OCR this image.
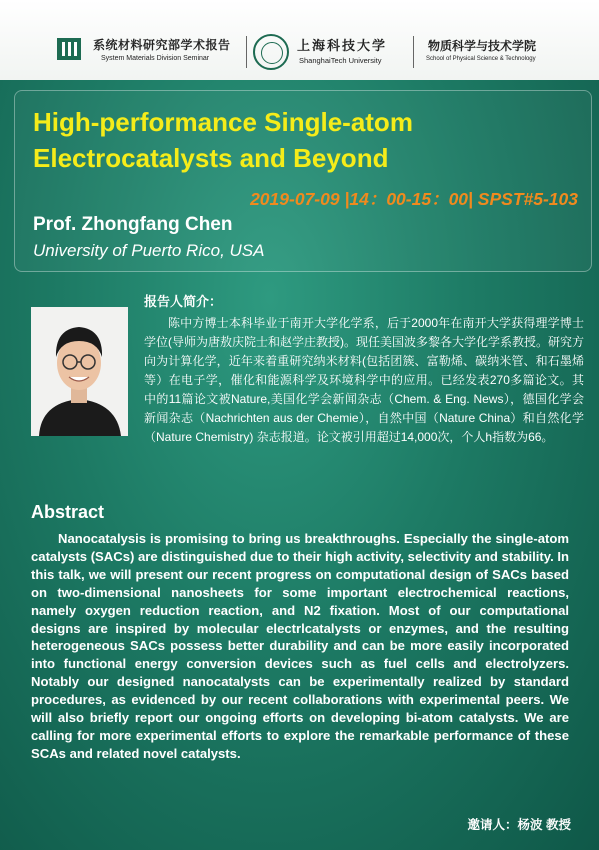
系统材料研究部学术报告
System Materials Division Seminar
上海科技大学
ShanghaiTech University
物质科学与技术学院
School of Physical Science & Technology
High-performance Single-atom Electrocatalysts and Beyond
2019-07-09 |14：00-15：00| SPST#5-103
Prof. Zhongfang Chen
University of Puerto Rico, USA
报告人简介：
陈中方博士本科毕业于南开大学化学系，后于2000年在南开大学获得理学博士学位(导师为唐敖庆院士和赵学庄教授)。现任美国波多黎各大学化学系教授。研究方向为计算化学，近年来着重研究纳米材料(包括团簇、富勒烯、碳纳米管、和石墨烯等）在电子学，催化和能源科学及环境科学中的应用。已经发表270多篇论文。其中的11篇论文被Nature,美国化学会新闻杂志（Chem. & Eng. News），德国化学会新闻杂志（Nachrichten aus der Chemie），自然中国（Nature China）和自然化学（Nature Chemistry) 杂志报道。论文被引用超过14,000次，个人h指数为66。
Abstract
Nanocatalysis is promising to bring us breakthroughs. Especially the single-atom catalysts (SACs) are distinguished due to their high activity, selectivity and stability. In this talk, we will present our recent progress on computational design of SACs based on two-dimensional nanosheets for some important electrochemical reactions, namely oxygen reduction reaction, and N2 fixation. Most of our computational designs are inspired by molecular electrlcatalysts or enzymes, and the resulting heterogeneous SACs possess better durability and can be more easily incorporated into functional energy conversion devices such as fuel cells and electrolyzers. Notably our designed nanocatalysts can be experimentally realized by standard procedures, as evidenced by our recent collaborations with experimental peers. We will also briefly report our ongoing efforts on developing bi-atom catalysts. We are calling for more experimental efforts to explore the remarkable performance of these SCAs and related novel catalysts.
邀请人：杨波 教授
